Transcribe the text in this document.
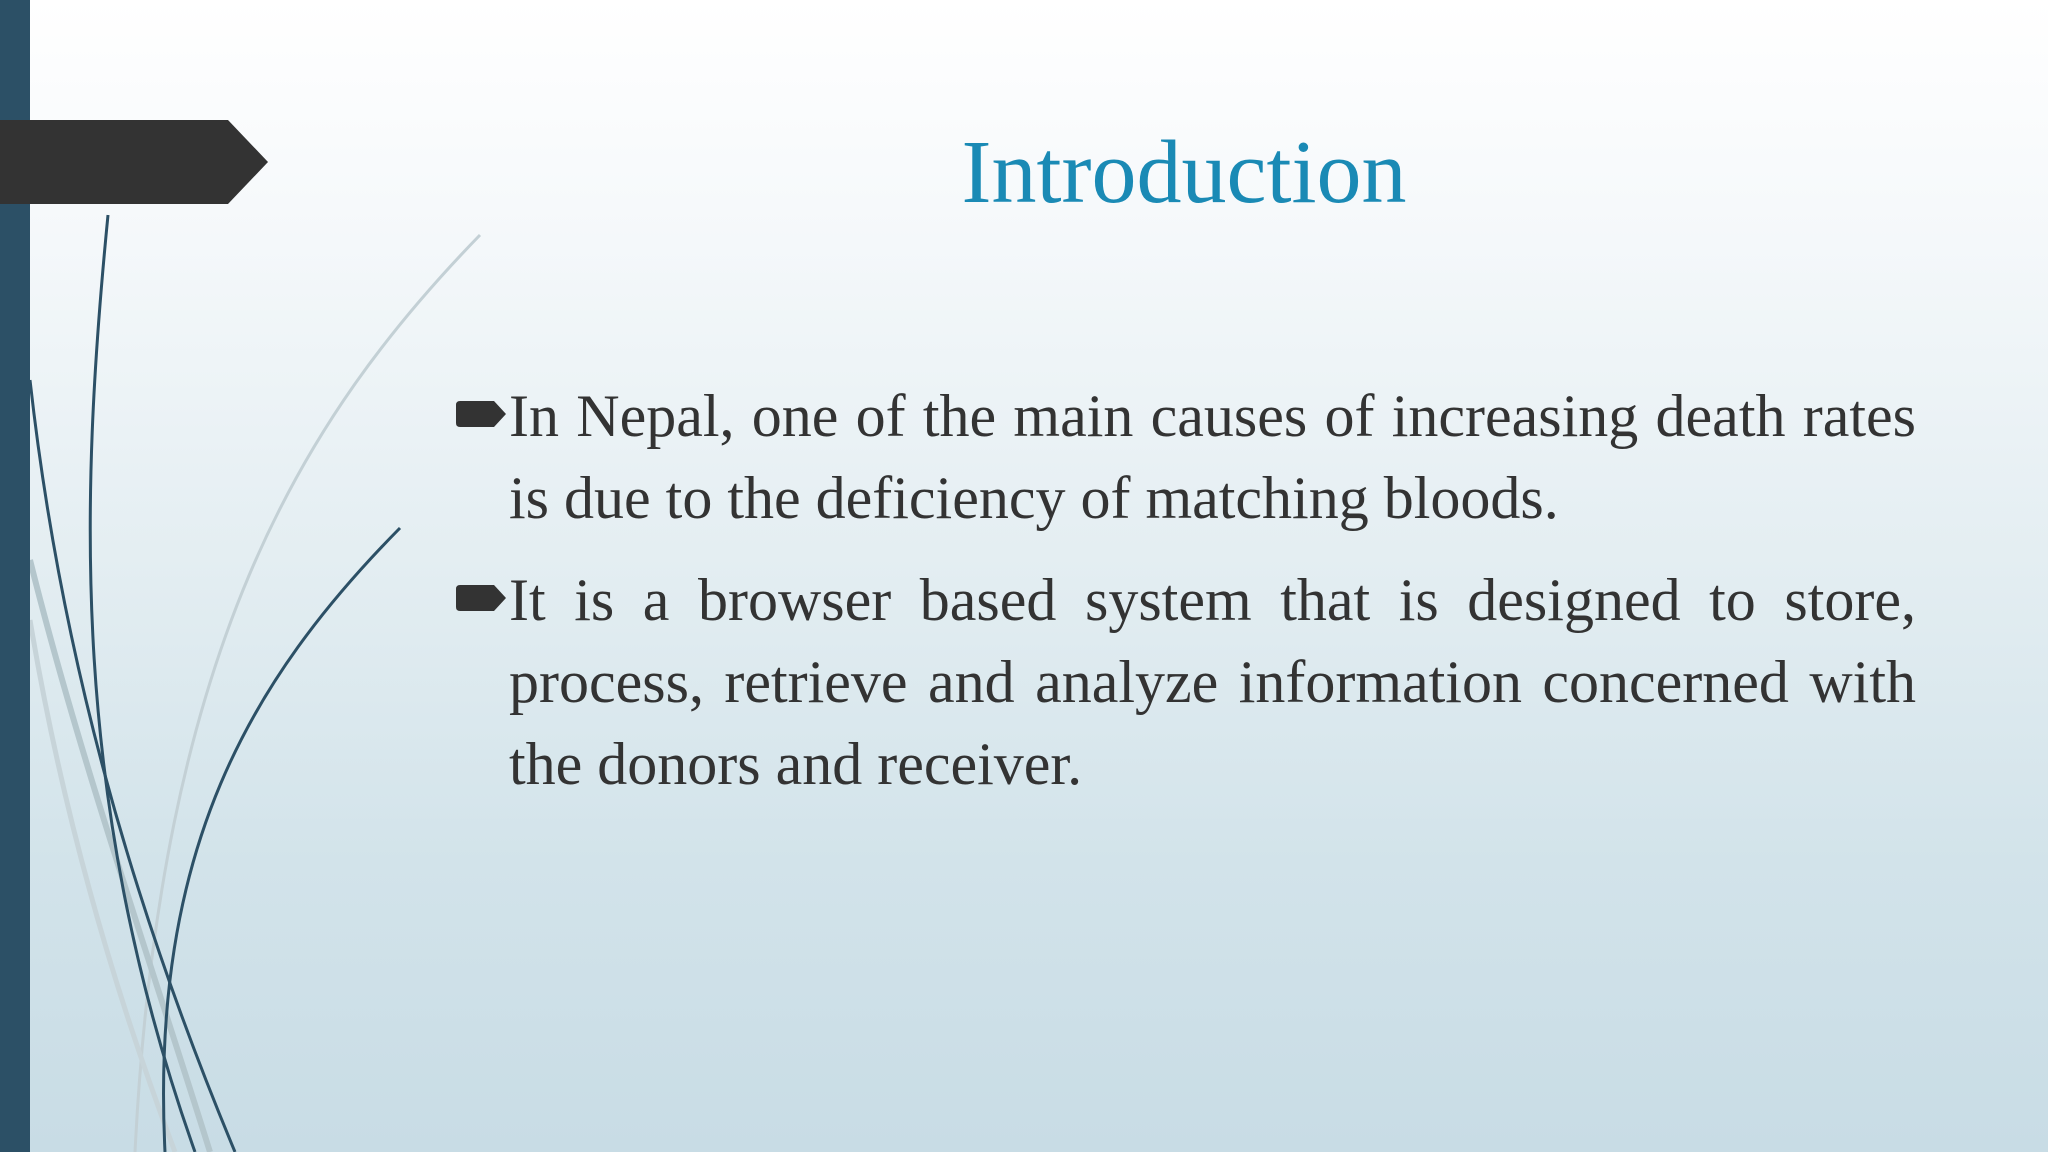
Introduction
In Nepal, one of the main causes of increasing death rates is due to the deficiency of matching bloods.
It is a browser based system that is designed to store, process, retrieve and analyze information concerned with the donors and receiver.
